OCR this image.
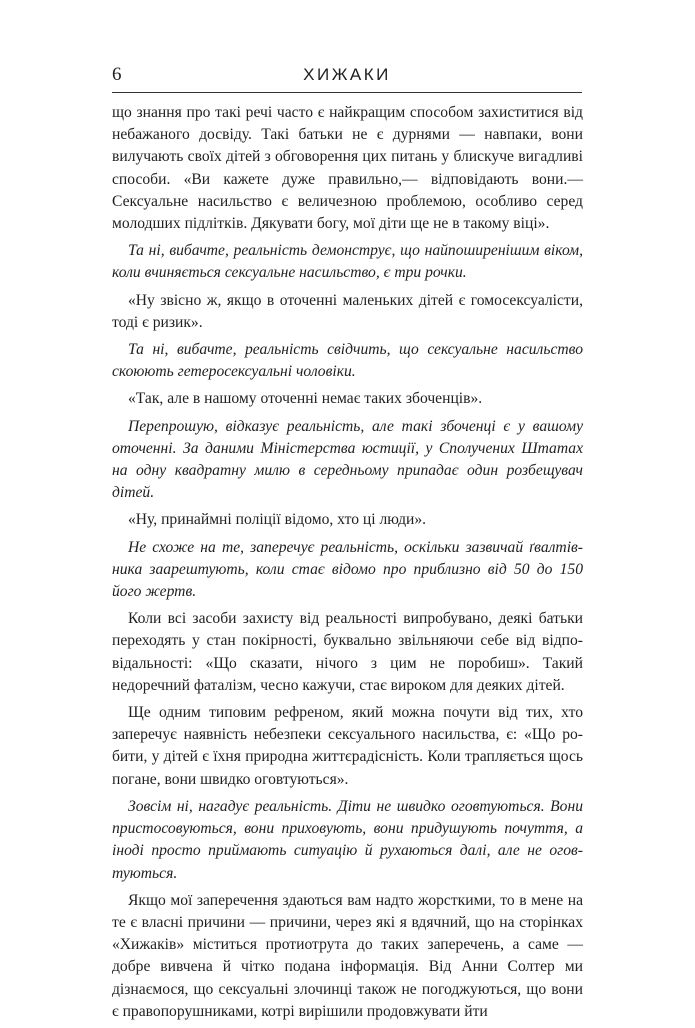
6	ХИЖАКИ

що знання про такі речі часто є найкращим способом захиститися від небажаного досвіду. Такі батьки не є дурнями — навпаки, вони вилучають своїх дітей з обговорення цих питань у блискуче вигадливі способи. «Ви кажете дуже правильно,— відповідають вони.— Сексуальне насильство є величезною проблемою, особливо серед молодших підлітків. Дякувати богу, мої діти ще не в такому віці».

Та ні, вибачте, реальність демонструє, що найпоширенішим віком, коли вчиняється сексуальне насильство, є три рочки.

«Ну звісно ж, якщо в оточенні маленьких дітей є гомосексуалісти, тоді є ризик».

Та ні, вибачте, реальність свідчить, що сексуальне насильство скоюють гетеросексуальні чоловіки.

«Так, але в нашому оточенні немає таких збоченців».

Перепрошую, відказує реальність, але такі збоченці є у вашому оточенні. За даними Міністерства юстиції, у Сполучених Штатах на одну квадратну милю в середньому припадає один розбещувач дітей.

«Ну, принаймні поліції відомо, хто ці люди».

Не схоже на те, заперечує реальність, оскільки зазвичай ґвалтівника заарештують, коли стає відомо про приблизно від 50 до 150 його жертв.

Коли всі засоби захисту від реальності випробувано, деякі батьки переходять у стан покірності, буквально звільняючи себе від відповідальності: «Що сказати, нічого з цим не поробиш». Такий недоречний фаталізм, чесно кажучи, стає вироком для деяких дітей.

Ще одним типовим рефреном, який можна почути від тих, хто заперечує наявність небезпеки сексуального насильства, є: «Що робити, у дітей є їхня природна життєрадісність. Коли трапляється щось погане, вони швидко оговтуються».

Зовсім ні, нагадує реальність. Діти не швидко оговтуються. Вони пристосовуються, вони приховують, вони придушують почуття, а іноді просто приймають ситуацію й рухаються далі, але не оговтуються.

Якщо мої заперечення здаються вам надто жорсткими, то в мене на те є власні причини — причини, через які я вдячний, що на сторінках «Хижаків» міститься протиотрута до таких заперечень, а саме — добре вивчена й чітко подана інформація. Від Анни Солтер ми дізнаємося, що сексуальні злочинці також не погоджуються, що вони є правопорушниками, котрі вирішили продовжувати йти
